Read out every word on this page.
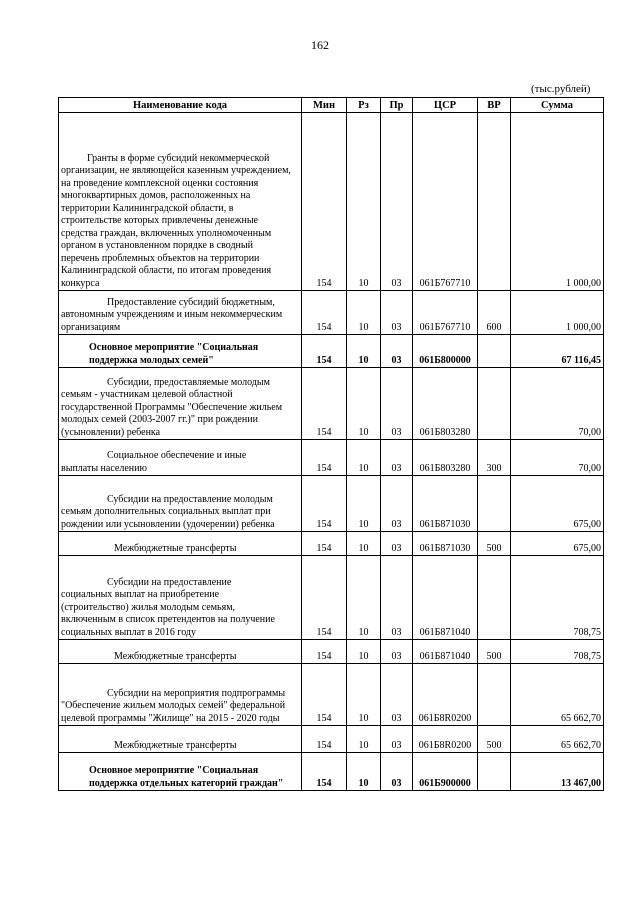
162
(тыс.рублей)
Наименование кода	Мин	Рз	Пр	ЦСР	ВР	Сумма
Гранты в форме субсидий некоммерческой организации, не являющейся казенным учреждением, на проведение комплексной оценки состояния многоквартирных домов, расположенных на территории Калининградской области, в строительстве которых привлечены денежные средства граждан, включенных уполномоченным органом в установленном порядке в сводный перечень проблемных объектов на территории Калининградской области, по итогам проведения конкурса	154	10	03	061Б767710		1 000,00
Предоставление субсидий бюджетным, автономным учреждениям и иным некоммерческим организациям	154	10	03	061Б767710	600	1 000,00
Основное мероприятие "Социальная поддержка молодых семей"	154	10	03	061Б800000		67 116,45
Субсидии, предоставляемые молодым семьям - участникам целевой областной государственной Программы "Обеспечение жильем молодых семей (2003-2007 гг.)" при рождении (усыновлении) ребенка	154	10	03	061Б803280		70,00
Социальное обеспечение и иные выплаты населению	154	10	03	061Б803280	300	70,00
Субсидии на предоставление молодым семьям дополнительных социальных выплат при рождении или усыновлении (удочерении) ребенка	154	10	03	061Б871030		675,00
Межбюджетные трансферты	154	10	03	061Б871030	500	675,00
Субсидии на предоставление социальных выплат на приобретение (строительство) жилья молодым семьям, включенным в список претендентов на получение социальных выплат в 2016 году	154	10	03	061Б871040		708,75
Межбюджетные трансферты	154	10	03	061Б871040	500	708,75
Субсидии на мероприятия подпрограммы "Обеспечение жильем молодых семей" федеральной целевой программы "Жилище" на 2015 - 2020 годы	154	10	03	061Б8R0200		65 662,70
Межбюджетные трансферты	154	10	03	061Б8R0200	500	65 662,70
Основное мероприятие "Социальная поддержка отдельных категорий граждан"	154	10	03	061Б900000		13 467,00
